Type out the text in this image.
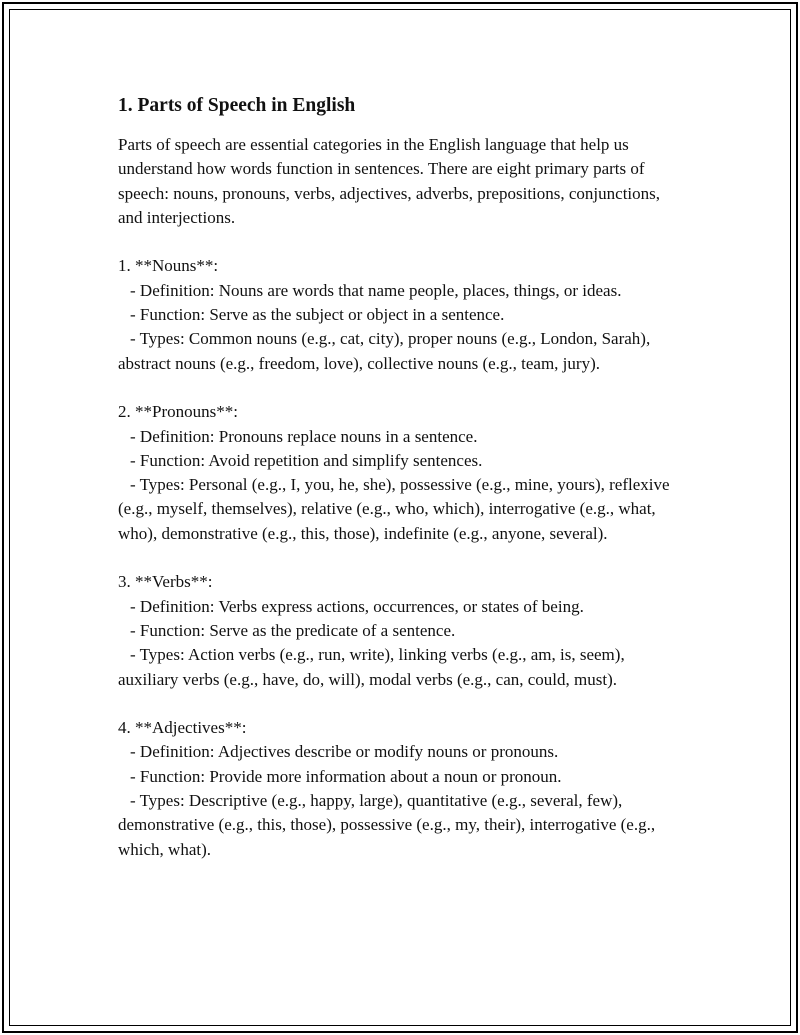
1. Parts of Speech in English

Parts of speech are essential categories in the English language that help us understand how words function in sentences. There are eight primary parts of speech: nouns, pronouns, verbs, adjectives, adverbs, prepositions, conjunctions, and interjections.

1. **Nouns**:

- Definition: Nouns are words that name people, places, things, or ideas.

- Function: Serve as the subject or object in a sentence.

- Types: Common nouns (e.g., cat, city), proper nouns (e.g., London, Sarah), abstract nouns (e.g., freedom, love), collective nouns (e.g., team, jury).

2. **Pronouns**:

- Definition: Pronouns replace nouns in a sentence.

- Function: Avoid repetition and simplify sentences.

- Types: Personal (e.g., I, you, he, she), possessive (e.g., mine, yours), reflexive (e.g., myself, themselves), relative (e.g., who, which), interrogative (e.g., what, who), demonstrative (e.g., this, those), indefinite (e.g., anyone, several).

3. **Verbs**:

- Definition: Verbs express actions, occurrences, or states of being.

- Function: Serve as the predicate of a sentence.

- Types: Action verbs (e.g., run, write), linking verbs (e.g., am, is, seem), auxiliary verbs (e.g., have, do, will), modal verbs (e.g., can, could, must).

4. **Adjectives**:

- Definition: Adjectives describe or modify nouns or pronouns.

- Function: Provide more information about a noun or pronoun.

- Types: Descriptive (e.g., happy, large), quantitative (e.g., several, few), demonstrative (e.g., this, those), possessive (e.g., my, their), interrogative (e.g., which, what).
